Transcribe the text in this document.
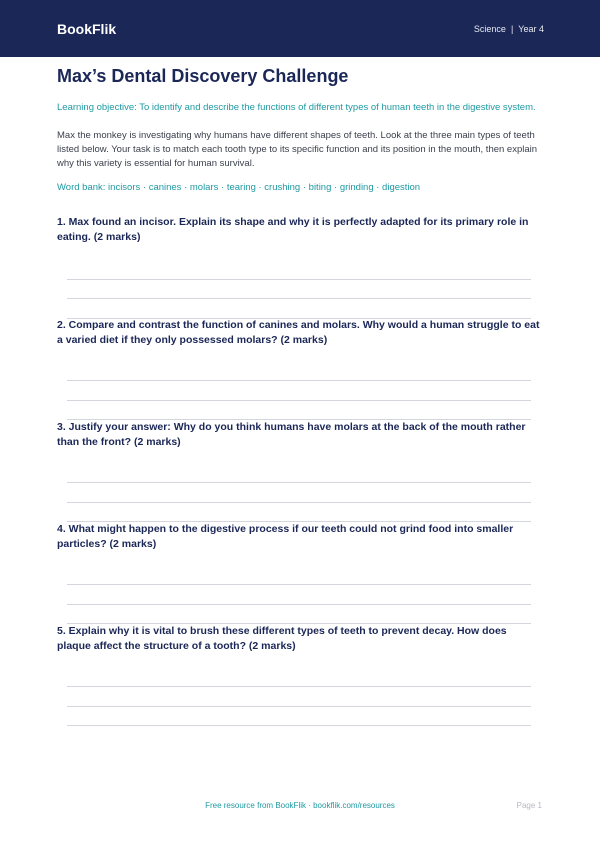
BookFlik	Science | Year 4
Max’s Dental Discovery Challenge

Learning objective: To identify and describe the functions of different types of human teeth in the digestive system.

Max the monkey is investigating why humans have different shapes of teeth. Look at the three main types of teeth listed below. Your task is to match each tooth type to its specific function and its position in the mouth, then explain why this variety is essential for human survival.

Word bank: incisors · canines · molars · tearing · crushing · biting · grinding · digestion

1. Max found an incisor. Explain its shape and why it is perfectly adapted for its primary role in eating. (2 marks)

2. Compare and contrast the function of canines and molars. Why would a human struggle to eat a varied diet if they only possessed molars? (2 marks)

3. Justify your answer: Why do you think humans have molars at the back of the mouth rather than the front? (2 marks)

4. What might happen to the digestive process if our teeth could not grind food into smaller particles? (2 marks)

5. Explain why it is vital to brush these different types of teeth to prevent decay. How does plaque affect the structure of a tooth? (2 marks)

Free resource from BookFlik · bookflik.com/resources	Page 1
